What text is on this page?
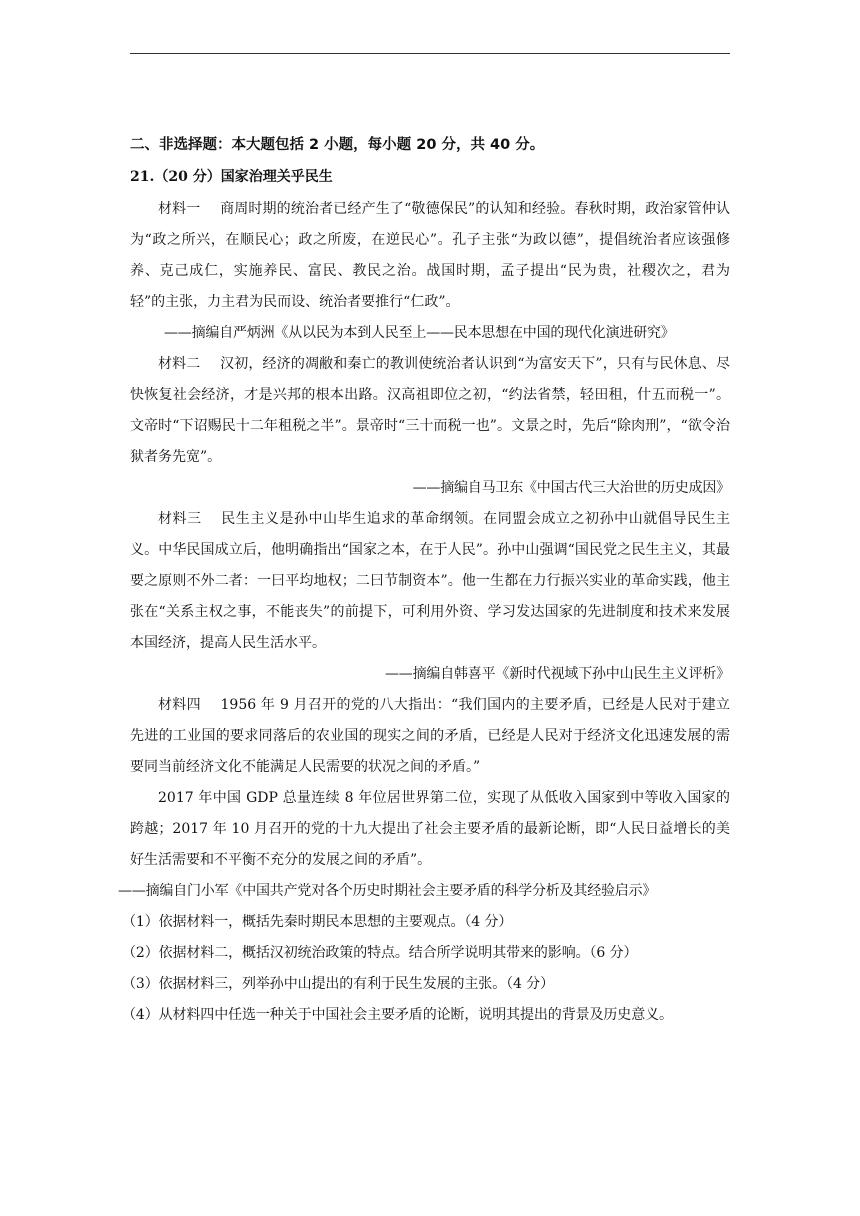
二、非选择题：本大题包括 2 小题，每小题 20 分，共 40 分。

21.（20 分）国家治理关乎民生

材料一 商周时期的统治者已经产生了“敬德保民”的认知和经验。春秋时期，政治家管仲认为“政之所兴，在顺民心；政之所废，在逆民心”。孔子主张“为政以德”，提倡统治者应该强修养、克己成仁，实施养民、富民、教民之治。战国时期，孟子提出“民为贵，社稷次之，君为轻”的主张，力主君为民而设、统治者要推行“仁政”。

——摘编自严炳洲《从以民为本到人民至上——民本思想在中国的现代化演进研究》

材料二 汉初，经济的凋敝和秦亡的教训使统治者认识到“为富安天下”，只有与民休息、尽快恢复社会经济，才是兴邦的根本出路。汉高祖即位之初，“约法省禁，轻田租，什五而税一”。文帝时“下诏赐民十二年租税之半”。景帝时“三十而税一也”。文景之时，先后“除肉刑”，“欲令治狱者务先宽”。

——摘编自马卫东《中国古代三大治世的历史成因》

材料三 民生主义是孙中山毕生追求的革命纲领。在同盟会成立之初孙中山就倡导民生主义。中华民国成立后，他明确指出“国家之本，在于人民”。孙中山强调“国民党之民生主义，其最要之原则不外二者：一曰平均地权；二曰节制资本”。他一生都在力行振兴实业的革命实践，他主张在“关系主权之事，不能丧失”的前提下，可利用外资、学习发达国家的先进制度和技术来发展本国经济，提高人民生活水平。

——摘编自韩喜平《新时代视域下孙中山民生主义评析》

材料四 1956 年 9 月召开的党的八大指出：“我们国内的主要矛盾，已经是人民对于建立先进的工业国的要求同落后的农业国的现实之间的矛盾，已经是人民对于经济文化迅速发展的需要同当前经济文化不能满足人民需要的状况之间的矛盾。”

2017 年中国 GDP 总量连续 8 年位居世界第二位，实现了从低收入国家到中等收入国家的跨越；2017 年 10 月召开的党的十九大提出了社会主要矛盾的最新论断，即“人民日益增长的美好生活需要和不平衡不充分的发展之间的矛盾”。

——摘编自门小军《中国共产党对各个历史时期社会主要矛盾的科学分析及其经验启示》

（1）依据材料一，概括先秦时期民本思想的主要观点。（4 分）

（2）依据材料二，概括汉初统治政策的特点。结合所学说明其带来的影响。（6 分）

（3）依据材料三，列举孙中山提出的有利于民生发展的主张。（4 分）

（4）从材料四中任选一种关于中国社会主要矛盾的论断，说明其提出的背景及历史意义。
